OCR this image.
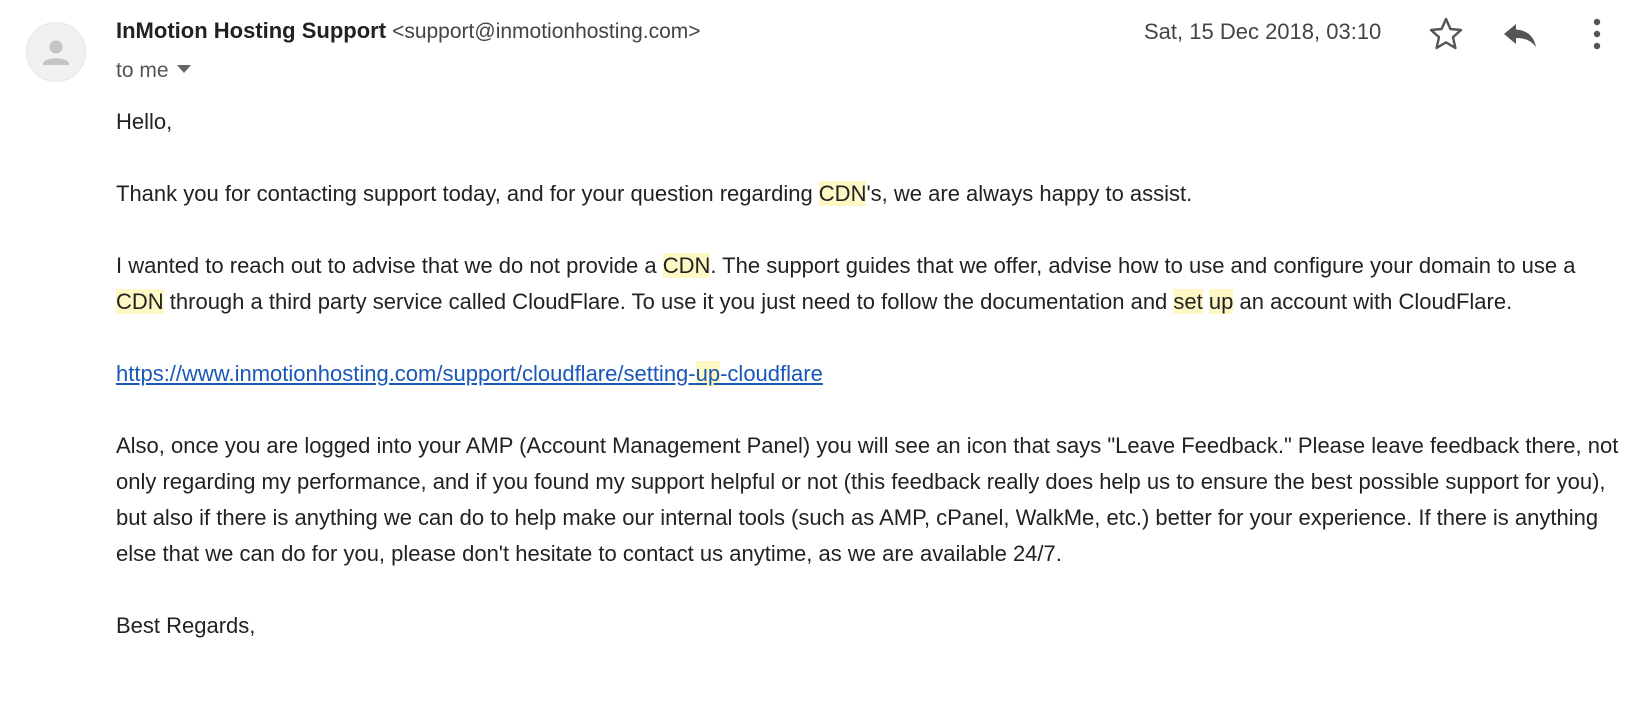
InMotion Hosting Support <support@inmotionhosting.com>
to me
Sat, 15 Dec 2018, 03:10

Hello,

Thank you for contacting support today, and for your question regarding CDN's, we are always happy to assist.

I wanted to reach out to advise that we do not provide a CDN. The support guides that we offer, advise how to use and configure your domain to use a CDN through a third party service called CloudFlare. To use it you just need to follow the documentation and set up an account with CloudFlare.

https://www.inmotionhosting.com/support/cloudflare/setting-up-cloudflare

Also, once you are logged into your AMP (Account Management Panel) you will see an icon that says "Leave Feedback." Please leave feedback there, not only regarding my performance, and if you found my support helpful or not (this feedback really does help us to ensure the best possible support for you), but also if there is anything we can do to help make our internal tools (such as AMP, cPanel, WalkMe, etc.) better for your experience. If there is anything else that we can do for you, please don't hesitate to contact us anytime, as we are available 24/7.

Best Regards,
